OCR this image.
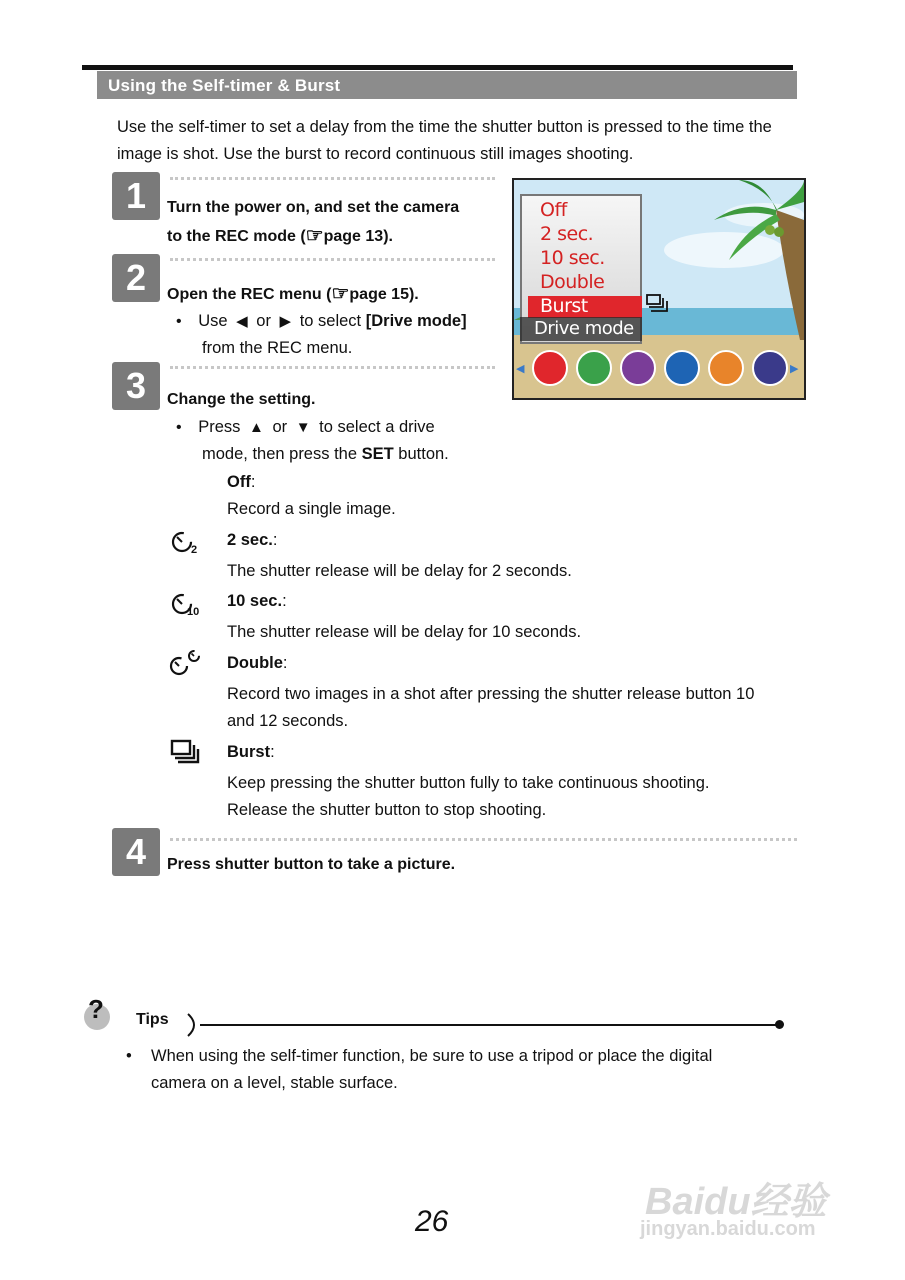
Using the Self-timer & Burst
Use the self-timer to set a delay from the time the shutter button is pressed to the time the image is shot. Use the burst to record continuous still images shooting.
1	Turn the power on, and set the camera
to the REC mode (☞page 13).
2	Open the REC menu (☞page 15).
• Use ◀ or ▶ to select [Drive mode]
from the REC menu.
3	Change the setting.
• Press ▲ or ▼ to select a drive
mode, then press the SET button.
Off:
Record a single image.
2
2 sec.:
The shutter release will be delay for 2 seconds.
10
10 sec.:
The shutter release will be delay for 10 seconds.
Double:
Record two images in a shot after pressing the shutter release button 10
and 12 seconds.
Burst:
Keep pressing the shutter button fully to take continuous shooting.
Release the shutter button to stop shooting.
4	Press shutter button to take a picture.
Off
2 sec.
10 sec.
Double
Burst
Drive mode
◀	▶
? Tips
• When using the self-timer function, be sure to use a tripod or place the digital
camera on a level, stable surface.
26	Baidu经验
jingyan.baidu.com
